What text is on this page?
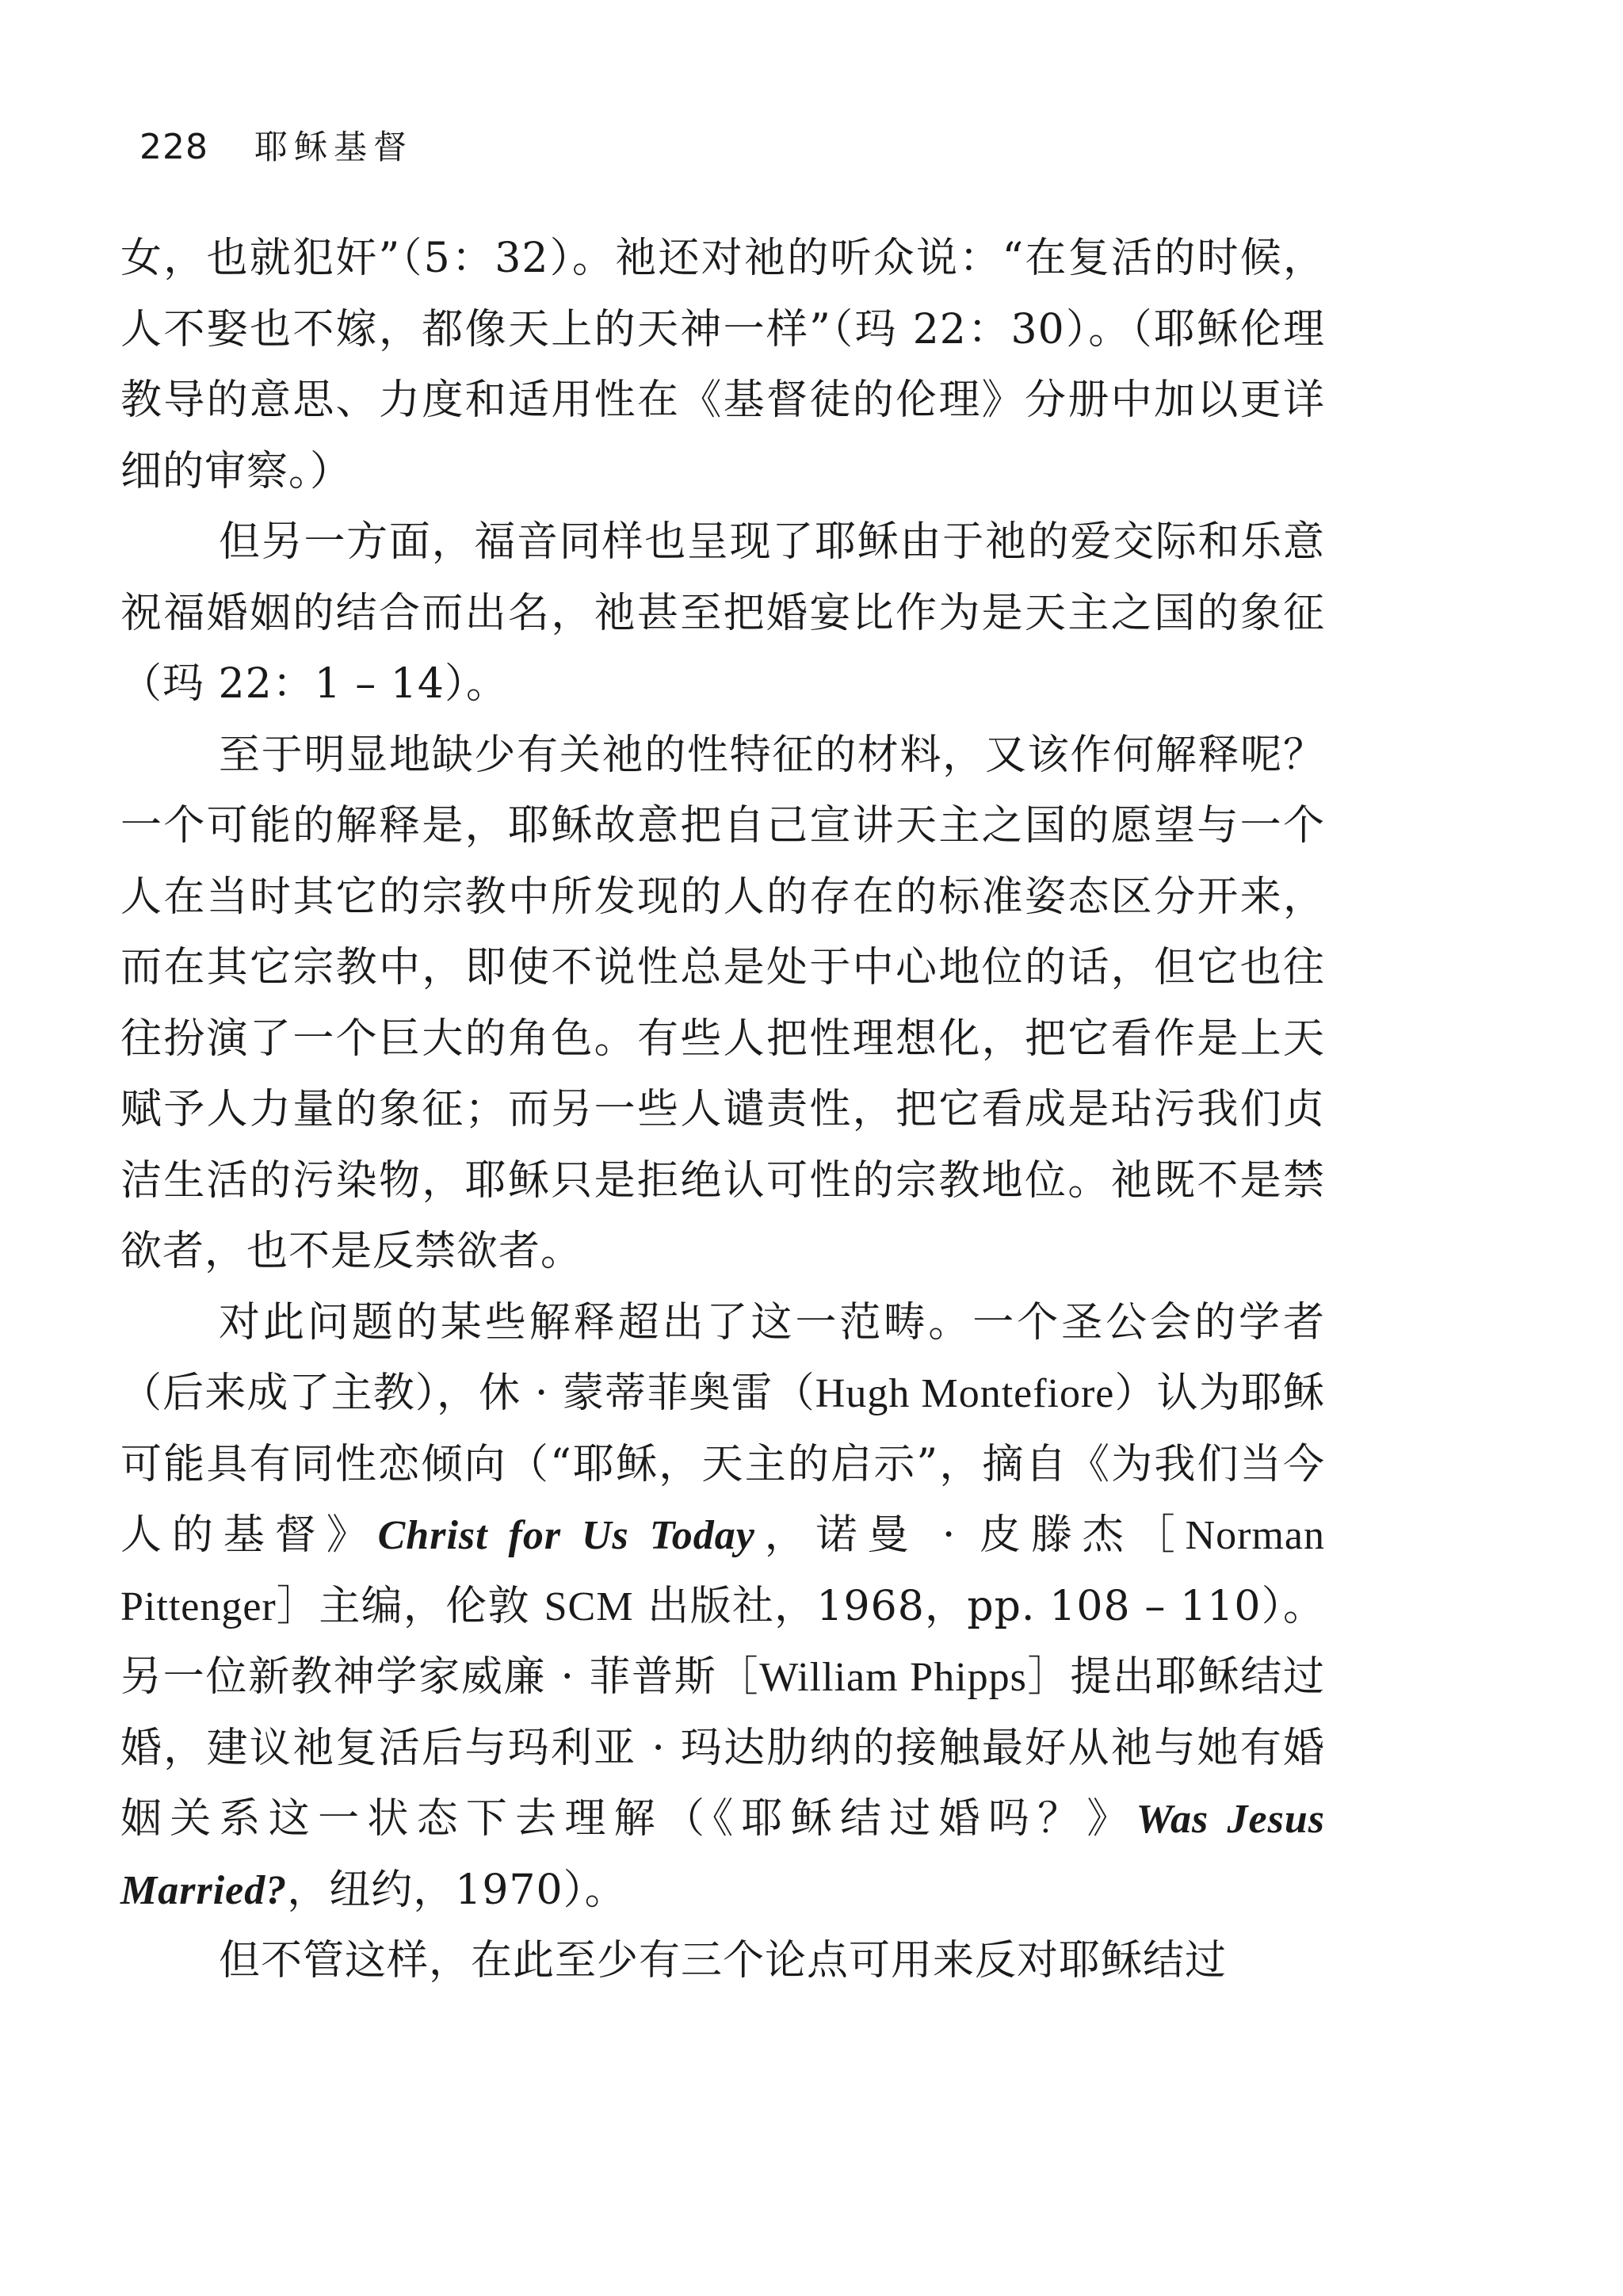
228 耶稣基督

女，也就犯奸”（5：32）。祂还对祂的听众说：“在复活的时候，人不娶也不嫁，都像天上的天神一样”（玛 22：30）。（耶稣伦理教导的意思、力度和适用性在《基督徒的伦理》分册中加以更详细的审察。）

但另一方面，福音同样也呈现了耶稣由于祂的爱交际和乐意祝福婚姻的结合而出名，祂甚至把婚宴比作为是天主之国的象征（玛 22：1 – 14）。

至于明显地缺少有关祂的性特征的材料，又该作何解释呢？一个可能的解释是，耶稣故意把自己宣讲天主之国的愿望与一个人在当时其它的宗教中所发现的人的存在的标准姿态区分开来，而在其它宗教中，即使不说性总是处于中心地位的话，但它也往往扮演了一个巨大的角色。有些人把性理想化，把它看作是上天赋予人力量的象征；而另一些人谴责性，把它看成是玷污我们贞洁生活的污染物，耶稣只是拒绝认可性的宗教地位。祂既不是禁欲者，也不是反禁欲者。

对此问题的某些解释超出了这一范畴。一个圣公会的学者（后来成了主教），休 · 蒙蒂菲奥雷（Hugh Montefiore）认为耶稣可能具有同性恋倾向（“耶稣，天主的启示”，摘自《为我们当今人的基督》Christ for Us Today，诺曼 · 皮滕杰［Norman Pittenger］主编，伦敦 SCM 出版社，1968，pp. 108 – 110）。另一位新教神学家威廉 · 菲普斯［William Phipps］提出耶稣结过婚，建议祂复活后与玛利亚 · 玛达肋纳的接触最好从祂与她有婚姻关系这一状态下去理解（《耶稣结过婚吗？》Was Jesus Married?，纽约，1970）。

但不管这样，在此至少有三个论点可用来反对耶稣结过
